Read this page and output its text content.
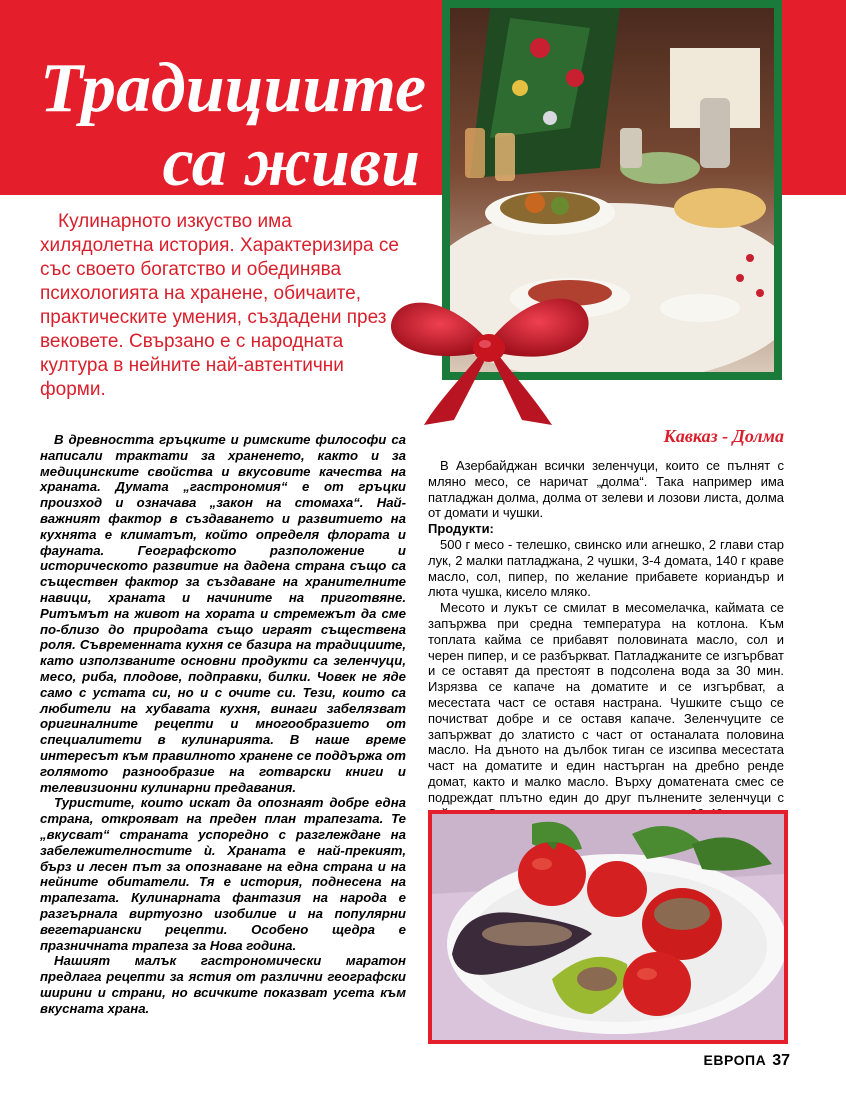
Традициите
са живи
Кулинарното изкуство има хилядолетна история. Характеризира се със своето богатство и обединява психологията на хранене, обичаите, практическите умения, създадени през вековете. Свързано е с народната култура в нейните най-автентични форми.

В древността гръцките и римските философи са написали трактати за храненето, както и за медицинските свойства и вкусовите качества на храната. Думата „гастрономия“ е от гръцки произход и означава „закон на стомаха“. Най-важният фактор в създаването и развитието на кухнята е климатът, който определя флората и фауната. Географското разположение и историческото развитие на дадена страна също са съществен фактор за създаване на хранителните навици, храната и начините на приготвяне. Ритъмът на живот на хората и стремежът да сме по-близо до природата също играят съществена роля. Съвременната кухня се базира на традициите, като използваните основни продукти са зеленчуци, месо, риба, плодове, подправки, билки. Човек не яде само с устата си, но и с очите си. Тези, които са любители на хубавата кухня, винаги забелязват оригиналните рецепти и многообразието от специалитети в кулинарията. В наше време интересът към правилното хранене се поддържа от голямото разнообразие на готварски книги и телевизионни кулинарни предавания.

Туристите, които искат да опознаят добре една страна, открояват на преден план трапезата. Те „вкусват“ страната успоредно с разглеждане на забележителностите ѝ. Храната е най-прекият, бърз и лесен път за опознаване на една страна и на нейните обитатели. Тя е история, поднесена на трапезата. Кулинарната фантазия на народа е разгърнала виртуозно изобилие и на популярни вегетариански рецепти. Особено щедра е празничната трапеза за Нова година.

Нашият малък гастрономически маратон предлага рецепти за ястия от различни географски ширини и страни, но всичките показват усета към вкусната храна.

Кавказ - Долма

В Азербайджан всички зеленчуци, които се пълнят с мляно месо, се наричат „долма“. Така например има патладжан долма, долма от зелеви и лозови листа, долма от домати и чушки.

Продукти:

500 г месо - телешко, свинско или агнешко, 2 глави стар лук, 2 малки патладжана, 2 чушки, 3-4 домата, 140 г краве масло, сол, пипер, по желание прибавете кориандър и люта чушка, кисело мляко.

Месото и лукът се смилат в месомелачка, каймата се запържва при средна температура на котлона. Към топлата кайма се прибавят половината масло, сол и черен пипер, и се разбъркват. Патладжаните се изгърбват и се оставят да престоят в подсолена вода за 30 мин. Изрязва се капаче на доматите и се изгърбват, а месестата част се оставя настрана. Чушките също се почистват добре и се оставя капаче. Зеленчуците се запържват до златисто с част от останалата половина масло. На дъното на дълбок тиган се изсипва месестата част на доматите и един настърган на дребно ренде домат, както и малко масло. Върху доматената смес се подреждат плътно един до друг пълнените зеленчуци с

ЕВРОПА 37
